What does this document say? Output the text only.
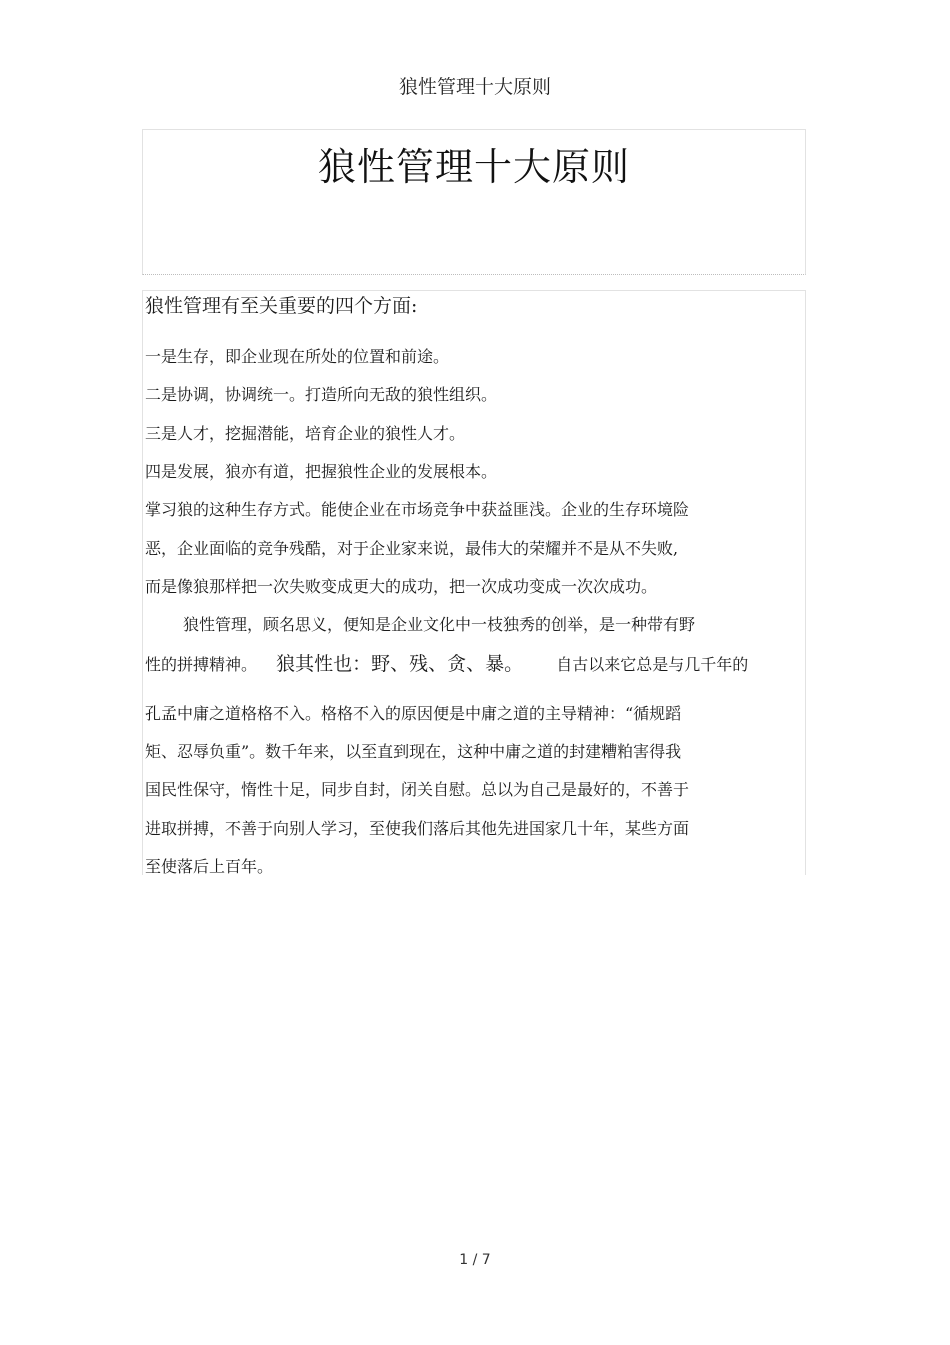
狼性管理十大原则
狼性管理十大原则
狼性管理有至关重要的四个方面:
一是生存，即企业现在所处的位置和前途。
二是协调，协调统一。打造所向无敌的狼性组织。
三是人才，挖掘潜能，培育企业的狼性人才。
四是发展，狼亦有道，把握狼性企业的发展根本。
掌习狼的这种生存方式。能使企业在市场竞争中获益匪浅。企业的生存环境险
恶，企业面临的竞争残酷，对于企业家来说，最伟大的荣耀并不是从不失败,
而是像狼那样把一次失败变成更大的成功，把一次成功变成一次次成功。
狼性管理，顾名思义，便知是企业文化中一枝独秀的创举，是一种带有野
性的拼搏精神。 狼其性也：野、残、贪、暴。 自古以来它总是与几千年的
孔孟中庸之道格格不入。格格不入的原因便是中庸之道的主导精神：“循规蹈
矩、忍辱负重”。数千年来，以至直到现在，这种中庸之道的封建糟粕害得我
国民性保守，惰性十足，同步自封，闭关自慰。总以为自己是最好的，不善于
进取拼搏，不善于向别人学习，至使我们落后其他先进国家几十年，某些方面
至使落后上百年。
1 / 7
